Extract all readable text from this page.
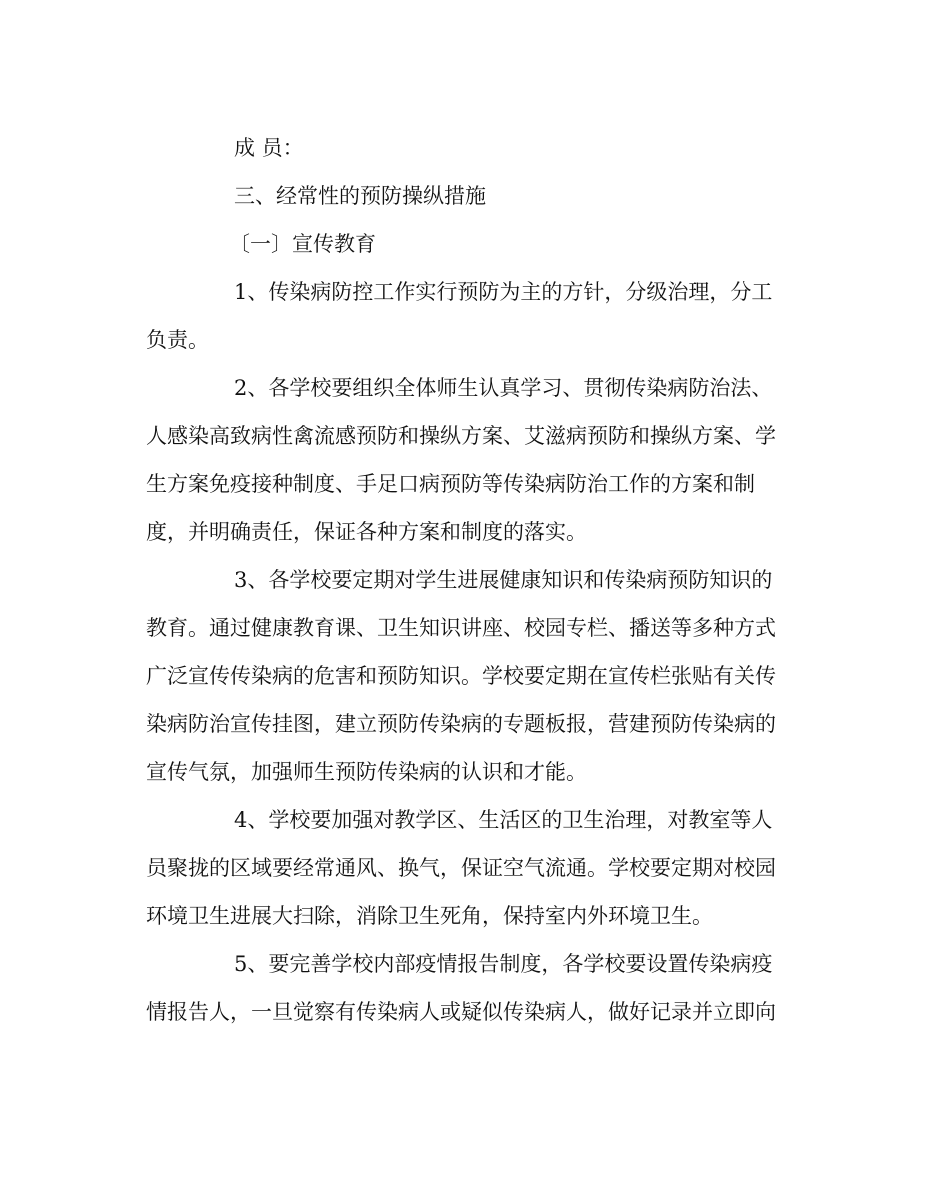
成 员：
三、经常性的预防操纵措施
〔一〕宣传教育
1、传染病防控工作实行预防为主的方针，分级治理，分工
负责。
2、各学校要组织全体师生认真学习、贯彻传染病防治法、
人感染高致病性禽流感预防和操纵方案、艾滋病预防和操纵方案、学
生方案免疫接种制度、手足口病预防等传染病防治工作的方案和制
度，并明确责任，保证各种方案和制度的落实。
3、各学校要定期对学生进展健康知识和传染病预防知识的
教育。通过健康教育课、卫生知识讲座、校园专栏、播送等多种方式
广泛宣传传染病的危害和预防知识。学校要定期在宣传栏张贴有关传
染病防治宣传挂图，建立预防传染病的专题板报，营建预防传染病的
宣传气氛，加强师生预防传染病的认识和才能。
4、学校要加强对教学区、生活区的卫生治理，对教室等人
员聚拢的区域要经常通风、换气，保证空气流通。学校要定期对校园
环境卫生进展大扫除，消除卫生死角，保持室内外环境卫生。
5、要完善学校内部疫情报告制度，各学校要设置传染病疫
情报告人，一旦觉察有传染病人或疑似传染病人，做好记录并立即向
